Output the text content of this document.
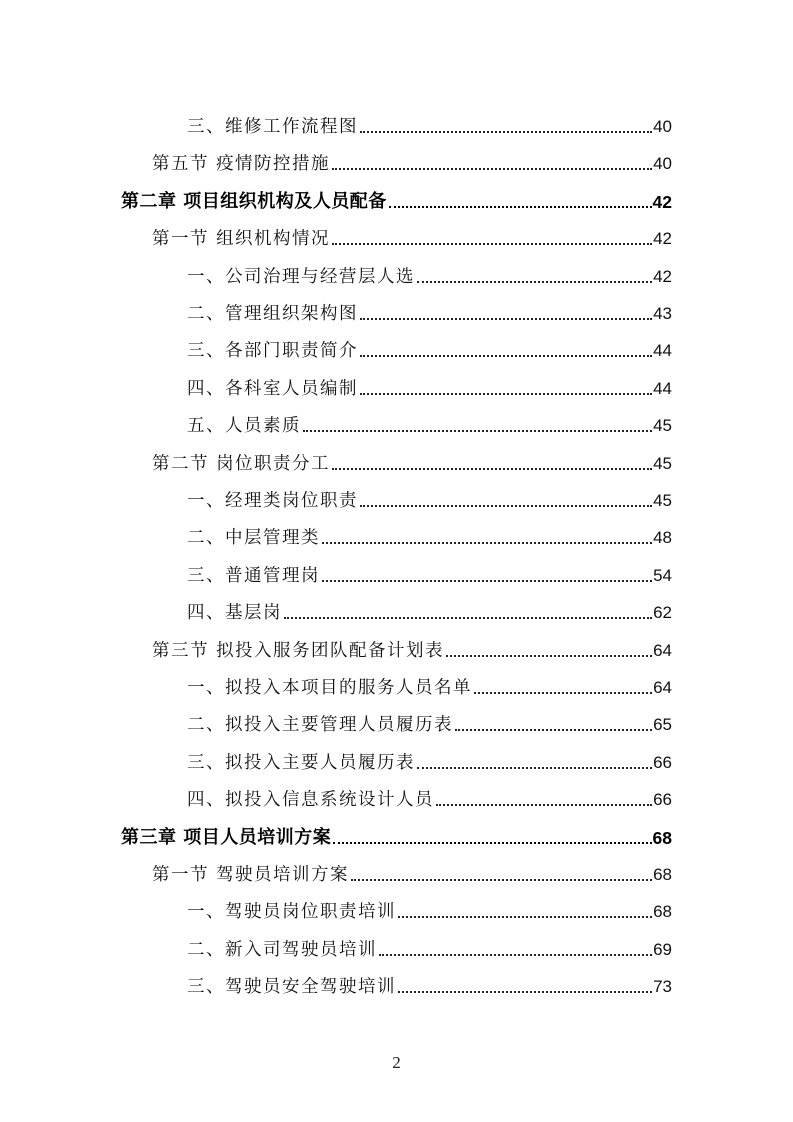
三、维修工作流程图	40
第五节 疫情防控措施	40
第二章 项目组织机构及人员配备	42
第一节 组织机构情况	42
一、公司治理与经营层人选	42
二、管理组织架构图	43
三、各部门职责简介	44
四、各科室人员编制	44
五、人员素质	45
第二节 岗位职责分工	45
一、经理类岗位职责	45
二、中层管理类	48
三、普通管理岗	54
四、基层岗	62
第三节 拟投入服务团队配备计划表	64
一、拟投入本项目的服务人员名单	64
二、拟投入主要管理人员履历表	65
三、拟投入主要人员履历表	66
四、拟投入信息系统设计人员	66
第三章 项目人员培训方案	68
第一节 驾驶员培训方案	68
一、驾驶员岗位职责培训	68
二、新入司驾驶员培训	69
三、驾驶员安全驾驶培训	73
2
